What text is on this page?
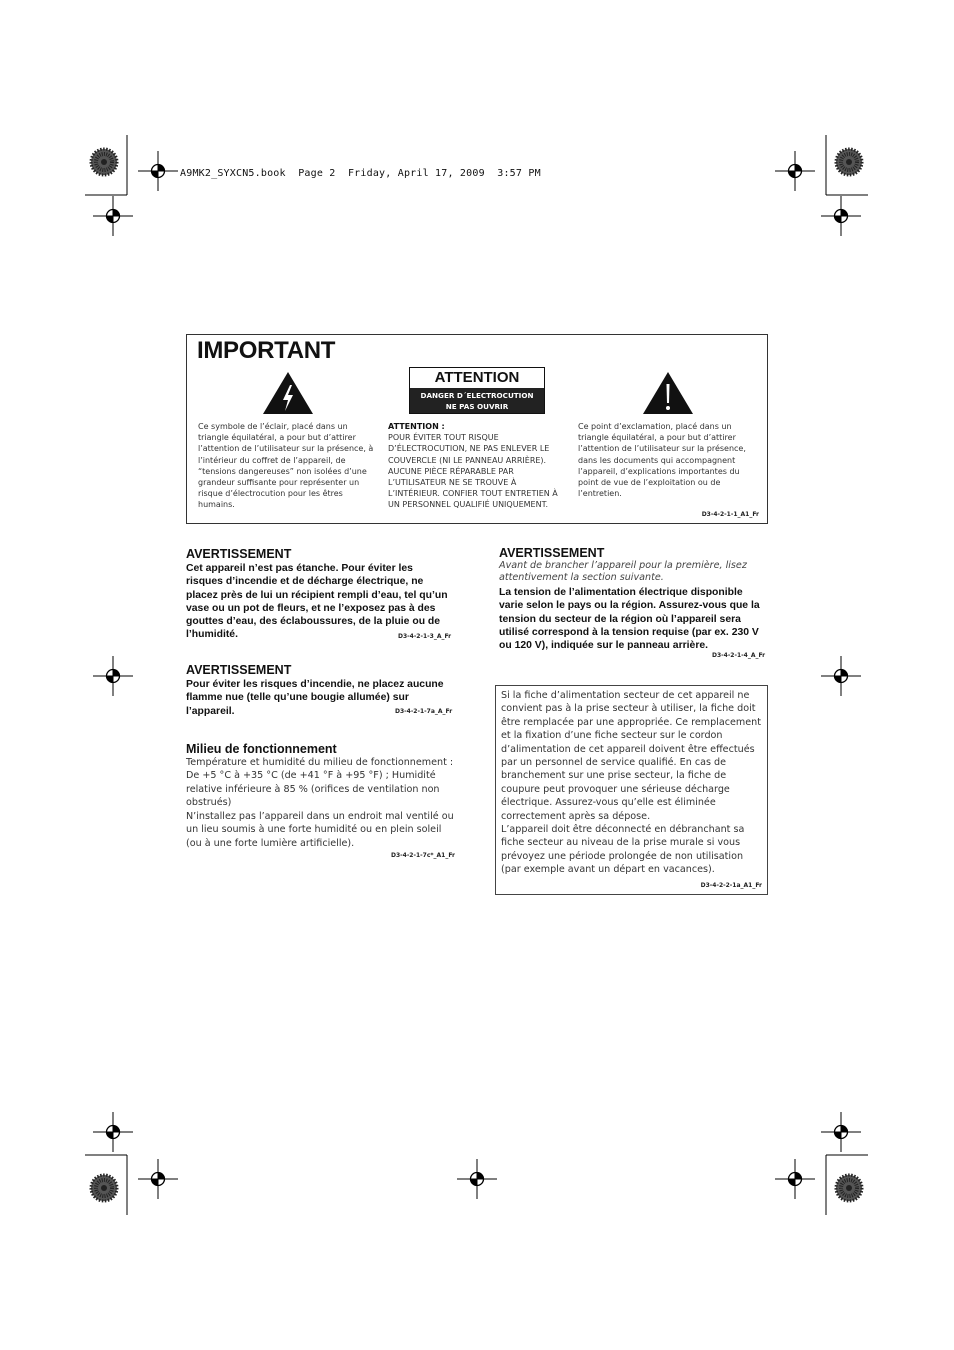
A9MK2_SYXCN5.book  Page 2  Friday, April 17, 2009  3:57 PM
IMPORTANT
Ce symbole de l’éclair, placé dans un triangle équilatéral, a pour but d’attirer l’attention de l’utilisateur sur la présence, à l’intérieur du coffret de l’appareil, de “tensions dangereuses” non isolées d’une grandeur suffisante pour représenter un risque d’électrocution pour les êtres humains.
ATTENTION
DANGER D´ELECTROCUTION
NE PAS OUVRIR
ATTENTION :
POUR ÉVITER TOUT RISQUE D’ÉLECTROCUTION, NE PAS ENLEVER LE COUVERCLE (NI LE PANNEAU ARRIÈRE). AUCUNE PIÈCE RÉPARABLE PAR L’UTILISATEUR NE SE TROUVE À L’INTÉRIEUR. CONFIER TOUT ENTRETIEN À UN PERSONNEL QUALIFIÉ UNIQUEMENT.
Ce point d’exclamation, placé dans un triangle équilatéral, a pour but d’attirer l’attention de l’utilisateur sur la présence, dans les documents qui accompagnent l’appareil, d’explications importantes du point de vue de l’exploitation ou de l’entretien.
D3-4-2-1-1_A1_Fr
AVERTISSEMENT
Cet appareil n’est pas étanche. Pour éviter les risques d’incendie et de décharge électrique, ne placez près de lui un récipient rempli d’eau, tel qu’un vase ou un pot de fleurs, et ne l’exposez pas à des gouttes d’eau, des éclaboussures, de la pluie ou de l’humidité.	D3-4-2-1-3_A_Fr
AVERTISSEMENT
Pour éviter les risques d’incendie, ne placez aucune flamme nue (telle qu’une bougie allumée) sur l’appareil.	D3-4-2-1-7a_A_Fr
Milieu de fonctionnement
Température et humidité du milieu de fonctionnement : De +5 °C à +35 °C (de +41 °F à +95 °F) ; Humidité relative inférieure à 85 % (orifices de ventilation non obstrués)
N’installez pas l’appareil dans un endroit mal ventilé ou un lieu soumis à une forte humidité ou en plein soleil (ou à une forte lumière artificielle).
D3-4-2-1-7c*_A1_Fr
AVERTISSEMENT
Avant de brancher l’appareil pour la première, lisez attentivement la section suivante.
La tension de l’alimentation électrique disponible varie selon le pays ou la région. Assurez-vous que la tension du secteur de la région où l’appareil sera utilisé correspond à la tension requise (par ex. 230 V ou 120 V), indiquée sur le panneau arrière.
D3-4-2-1-4_A_Fr
Si la fiche d’alimentation secteur de cet appareil ne convient pas à la prise secteur à utiliser, la fiche doit être remplacée par une appropriée. Ce remplacement et la fixation d’une fiche secteur sur le cordon d’alimentation de cet appareil doivent être effectués par un personnel de service qualifié. En cas de branchement sur une prise secteur, la fiche de coupure peut provoquer une sérieuse décharge électrique. Assurez-vous qu’elle est éliminée correctement après sa dépose.
L’appareil doit être déconnecté en débranchant sa fiche secteur au niveau de la prise murale si vous prévoyez une période prolongée de non utilisation (par exemple avant un départ en vacances).
D3-4-2-2-1a_A1_Fr
